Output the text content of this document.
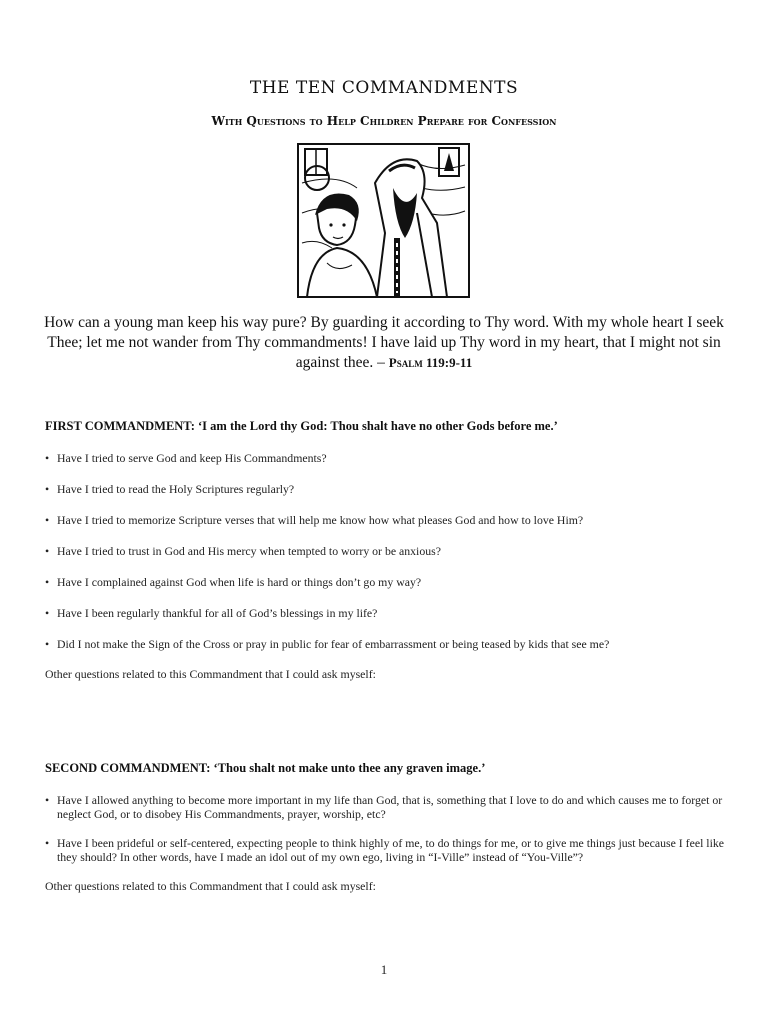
THE TEN COMMANDMENTS
With Questions to Help Children Prepare for Confession
How can a young man keep his way pure? By guarding it according to Thy word. With my whole heart I seek Thee; let me not wander from Thy commandments! I have laid up Thy word in my heart, that I might not sin against thee. – Psalm 119:9-11

FIRST COMMANDMENT: ‘I am the Lord thy God: Thou shalt have no other Gods before me.’

• Have I tried to serve God and keep His Commandments?
• Have I tried to read the Holy Scriptures regularly?
• Have I tried to memorize Scripture verses that will help me know how what pleases God and how to love Him?
• Have I tried to trust in God and His mercy when tempted to worry or be anxious?
• Have I complained against God when life is hard or things don’t go my way?
• Have I been regularly thankful for all of God’s blessings in my life?
• Did I not make the Sign of the Cross or pray in public for fear of embarrassment or being teased by kids that see me?

Other questions related to this Commandment that I could ask myself:

SECOND COMMANDMENT: ‘Thou shalt not make unto thee any graven image.’

• Have I allowed anything to become more important in my life than God, that is, something that I love to do and which causes me to forget or neglect God, or to disobey His Commandments, prayer, worship, etc?
• Have I been prideful or self-centered, expecting people to think highly of me, to do things for me, or to give me things just because I feel like they should? In other words, have I made an idol out of my own ego, living in “I-Ville” instead of “You-Ville”?

Other questions related to this Commandment that I could ask myself:

1
